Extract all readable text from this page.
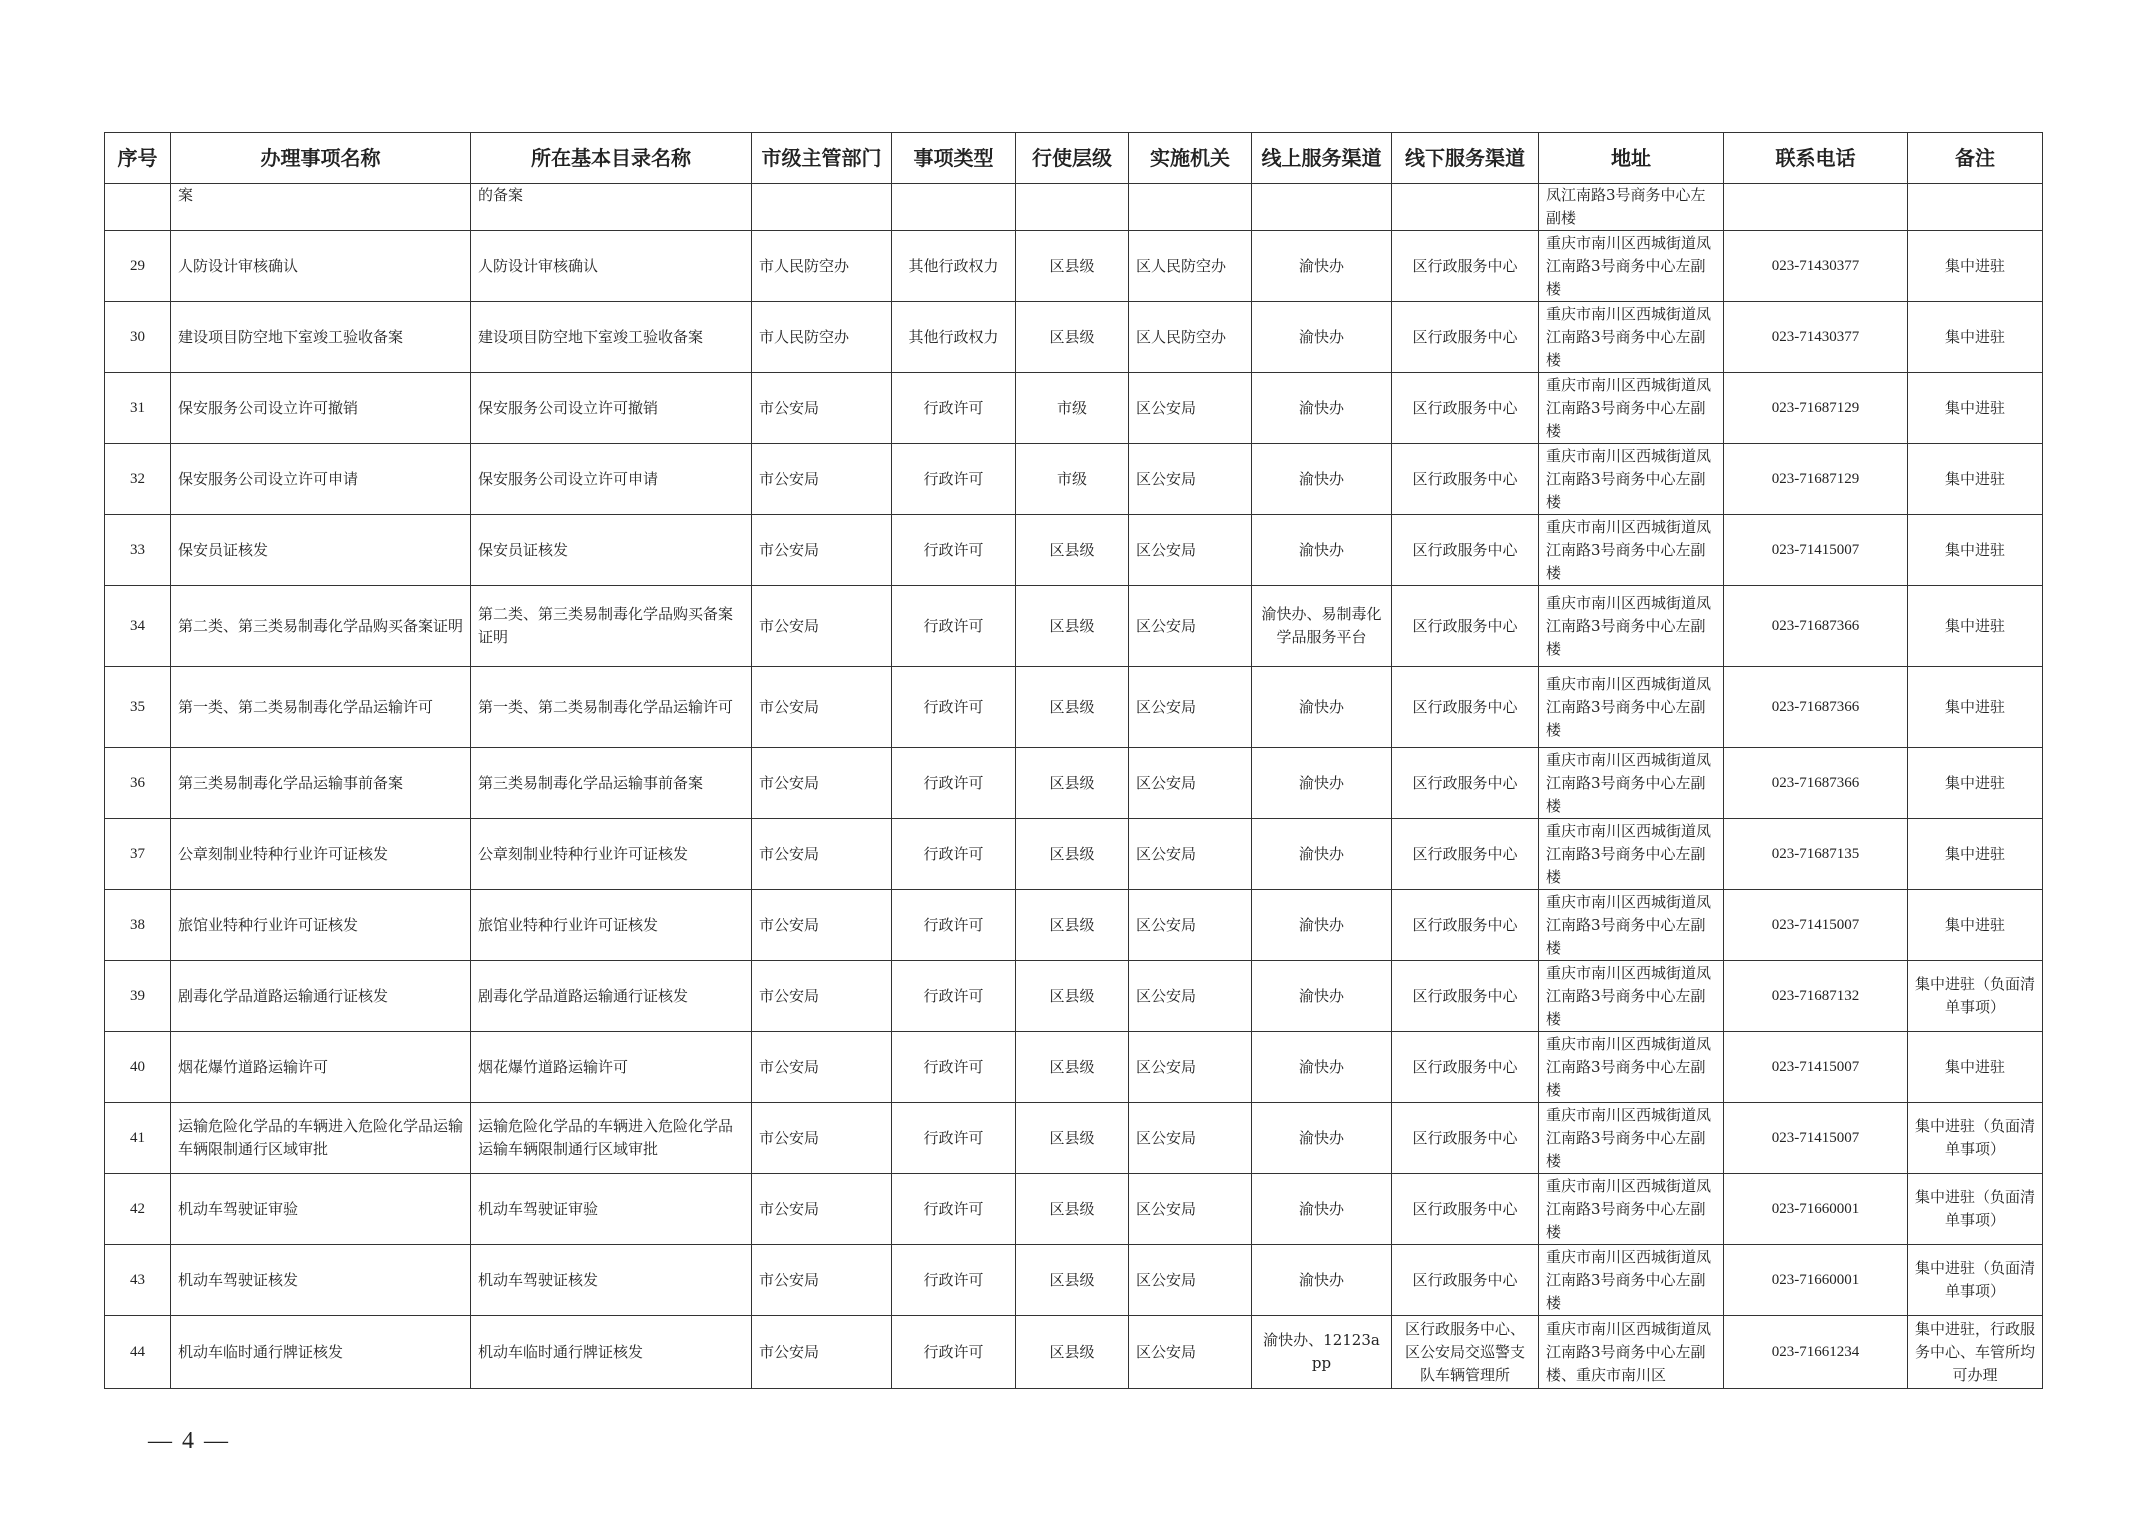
序号	办理事项名称	所在基本目录名称	市级主管部门	事项类型	行使层级	实施机关	线上服务渠道	线下服务渠道	地址	联系电话	备注
	案	的备案							凤江南路3号商务中心左副楼		
29	人防设计审核确认	人防设计审核确认	市人民防空办	其他行政权力	区县级	区人民防空办	渝快办	区行政服务中心	重庆市南川区西城街道凤江南路3号商务中心左副楼	023-71430377	集中进驻
30	建设项目防空地下室竣工验收备案	建设项目防空地下室竣工验收备案	市人民防空办	其他行政权力	区县级	区人民防空办	渝快办	区行政服务中心	重庆市南川区西城街道凤江南路3号商务中心左副楼	023-71430377	集中进驻
31	保安服务公司设立许可撤销	保安服务公司设立许可撤销	市公安局	行政许可	市级	区公安局	渝快办	区行政服务中心	重庆市南川区西城街道凤江南路3号商务中心左副楼	023-71687129	集中进驻
32	保安服务公司设立许可申请	保安服务公司设立许可申请	市公安局	行政许可	市级	区公安局	渝快办	区行政服务中心	重庆市南川区西城街道凤江南路3号商务中心左副楼	023-71687129	集中进驻
33	保安员证核发	保安员证核发	市公安局	行政许可	区县级	区公安局	渝快办	区行政服务中心	重庆市南川区西城街道凤江南路3号商务中心左副楼	023-71415007	集中进驻
34	第二类、第三类易制毒化学品购买备案证明	第二类、第三类易制毒化学品购买备案证明	市公安局	行政许可	区县级	区公安局	渝快办、易制毒化学品服务平台	区行政服务中心	重庆市南川区西城街道凤江南路3号商务中心左副楼	023-71687366	集中进驻
35	第一类、第二类易制毒化学品运输许可	第一类、第二类易制毒化学品运输许可	市公安局	行政许可	区县级	区公安局	渝快办	区行政服务中心	重庆市南川区西城街道凤江南路3号商务中心左副楼	023-71687366	集中进驻
36	第三类易制毒化学品运输事前备案	第三类易制毒化学品运输事前备案	市公安局	行政许可	区县级	区公安局	渝快办	区行政服务中心	重庆市南川区西城街道凤江南路3号商务中心左副楼	023-71687366	集中进驻
37	公章刻制业特种行业许可证核发	公章刻制业特种行业许可证核发	市公安局	行政许可	区县级	区公安局	渝快办	区行政服务中心	重庆市南川区西城街道凤江南路3号商务中心左副楼	023-71687135	集中进驻
38	旅馆业特种行业许可证核发	旅馆业特种行业许可证核发	市公安局	行政许可	区县级	区公安局	渝快办	区行政服务中心	重庆市南川区西城街道凤江南路3号商务中心左副楼	023-71415007	集中进驻
39	剧毒化学品道路运输通行证核发	剧毒化学品道路运输通行证核发	市公安局	行政许可	区县级	区公安局	渝快办	区行政服务中心	重庆市南川区西城街道凤江南路3号商务中心左副楼	023-71687132	集中进驻（负面清单事项）
40	烟花爆竹道路运输许可	烟花爆竹道路运输许可	市公安局	行政许可	区县级	区公安局	渝快办	区行政服务中心	重庆市南川区西城街道凤江南路3号商务中心左副楼	023-71415007	集中进驻
41	运输危险化学品的车辆进入危险化学品运输车辆限制通行区域审批	运输危险化学品的车辆进入危险化学品运输车辆限制通行区域审批	市公安局	行政许可	区县级	区公安局	渝快办	区行政服务中心	重庆市南川区西城街道凤江南路3号商务中心左副楼	023-71415007	集中进驻（负面清单事项）
42	机动车驾驶证审验	机动车驾驶证审验	市公安局	行政许可	区县级	区公安局	渝快办	区行政服务中心	重庆市南川区西城街道凤江南路3号商务中心左副楼	023-71660001	集中进驻（负面清单事项）
43	机动车驾驶证核发	机动车驾驶证核发	市公安局	行政许可	区县级	区公安局	渝快办	区行政服务中心	重庆市南川区西城街道凤江南路3号商务中心左副楼	023-71660001	集中进驻（负面清单事项）
44	机动车临时通行牌证核发	机动车临时通行牌证核发	市公安局	行政许可	区县级	区公安局	渝快办、12123app	区行政服务中心、区公安局交巡警支队车辆管理所	重庆市南川区西城街道凤江南路3号商务中心左副楼、重庆市南川区	023-71661234	集中进驻，行政服务中心、车管所均可办理
— 4 —
